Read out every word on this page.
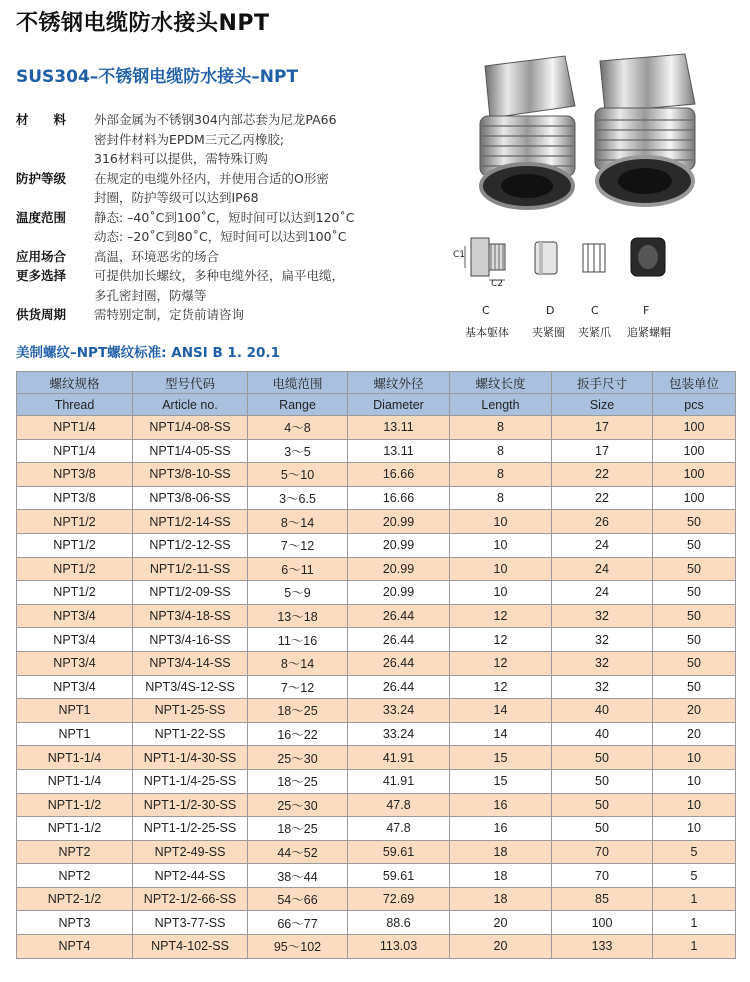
不锈钢电缆防水接头NPT
SUS304–不锈钢电缆防水接头–NPT
材　　料	外部金属为不锈钢304内部芯套为尼龙PA66
密封件材料为EPDM三元乙丙橡胶;
316材料可以提供，需特殊订购
防护等级	在规定的电缆外径内，并使用合适的O形密
封圈，防护等级可以达到IP68
温度范围	静态: –40˚C到100˚C，短时间可以达到120˚C
动态: –20˚C到80˚C，短时间可以达到100˚C
应用场合	高温，环境恶劣的场合
更多选择	可提供加长螺纹，多种电缆外径，扁平电缆，
多孔密封圈，防爆等
供货周期	需特别定制，定货前请咨询
C1
C2
C	D	C	F
基本躯体 夹紧圈 夹紧爪 追紧螺帽
美制螺纹–NPT螺纹标准: ANSI B 1. 20.1
螺纹规格	型号代码	电缆范围	螺纹外径	螺纹长度	扳手尺寸	包装单位
Thread	Article no.	Range	Diameter	Length	Size	pcs
NPT1/4	NPT1/4-08-SS	4～8	13.11	8	17	100
NPT1/4	NPT1/4-05-SS	3～5	13.11	8	17	100
NPT3/8	NPT3/8-10-SS	5～10	16.66	8	22	100
NPT3/8	NPT3/8-06-SS	3～6.5	16.66	8	22	100
NPT1/2	NPT1/2-14-SS	8～14	20.99	10	26	50
NPT1/2	NPT1/2-12-SS	7～12	20.99	10	24	50
NPT1/2	NPT1/2-11-SS	6～11	20.99	10	24	50
NPT1/2	NPT1/2-09-SS	5～9	20.99	10	24	50
NPT3/4	NPT3/4-18-SS	13～18	26.44	12	32	50
NPT3/4	NPT3/4-16-SS	11～16	26.44	12	32	50
NPT3/4	NPT3/4-14-SS	8～14	26.44	12	32	50
NPT3/4	NPT3/4S-12-SS	7～12	26.44	12	32	50
NPT1	NPT1-25-SS	18～25	33.24	14	40	20
NPT1	NPT1-22-SS	16～22	33.24	14	40	20
NPT1-1/4	NPT1-1/4-30-SS	25～30	41.91	15	50	10
NPT1-1/4	NPT1-1/4-25-SS	18～25	41.91	15	50	10
NPT1-1/2	NPT1-1/2-30-SS	25～30	47.8	16	50	10
NPT1-1/2	NPT1-1/2-25-SS	18～25	47.8	16	50	10
NPT2	NPT2-49-SS	44～52	59.61	18	70	5
NPT2	NPT2-44-SS	38～44	59.61	18	70	5
NPT2-1/2	NPT2-1/2-66-SS	54～66	72.69	18	85	1
NPT3	NPT3-77-SS	66～77	88.6	20	100	1
NPT4	NPT4-102-SS	95～102	113.03	20	133	1
